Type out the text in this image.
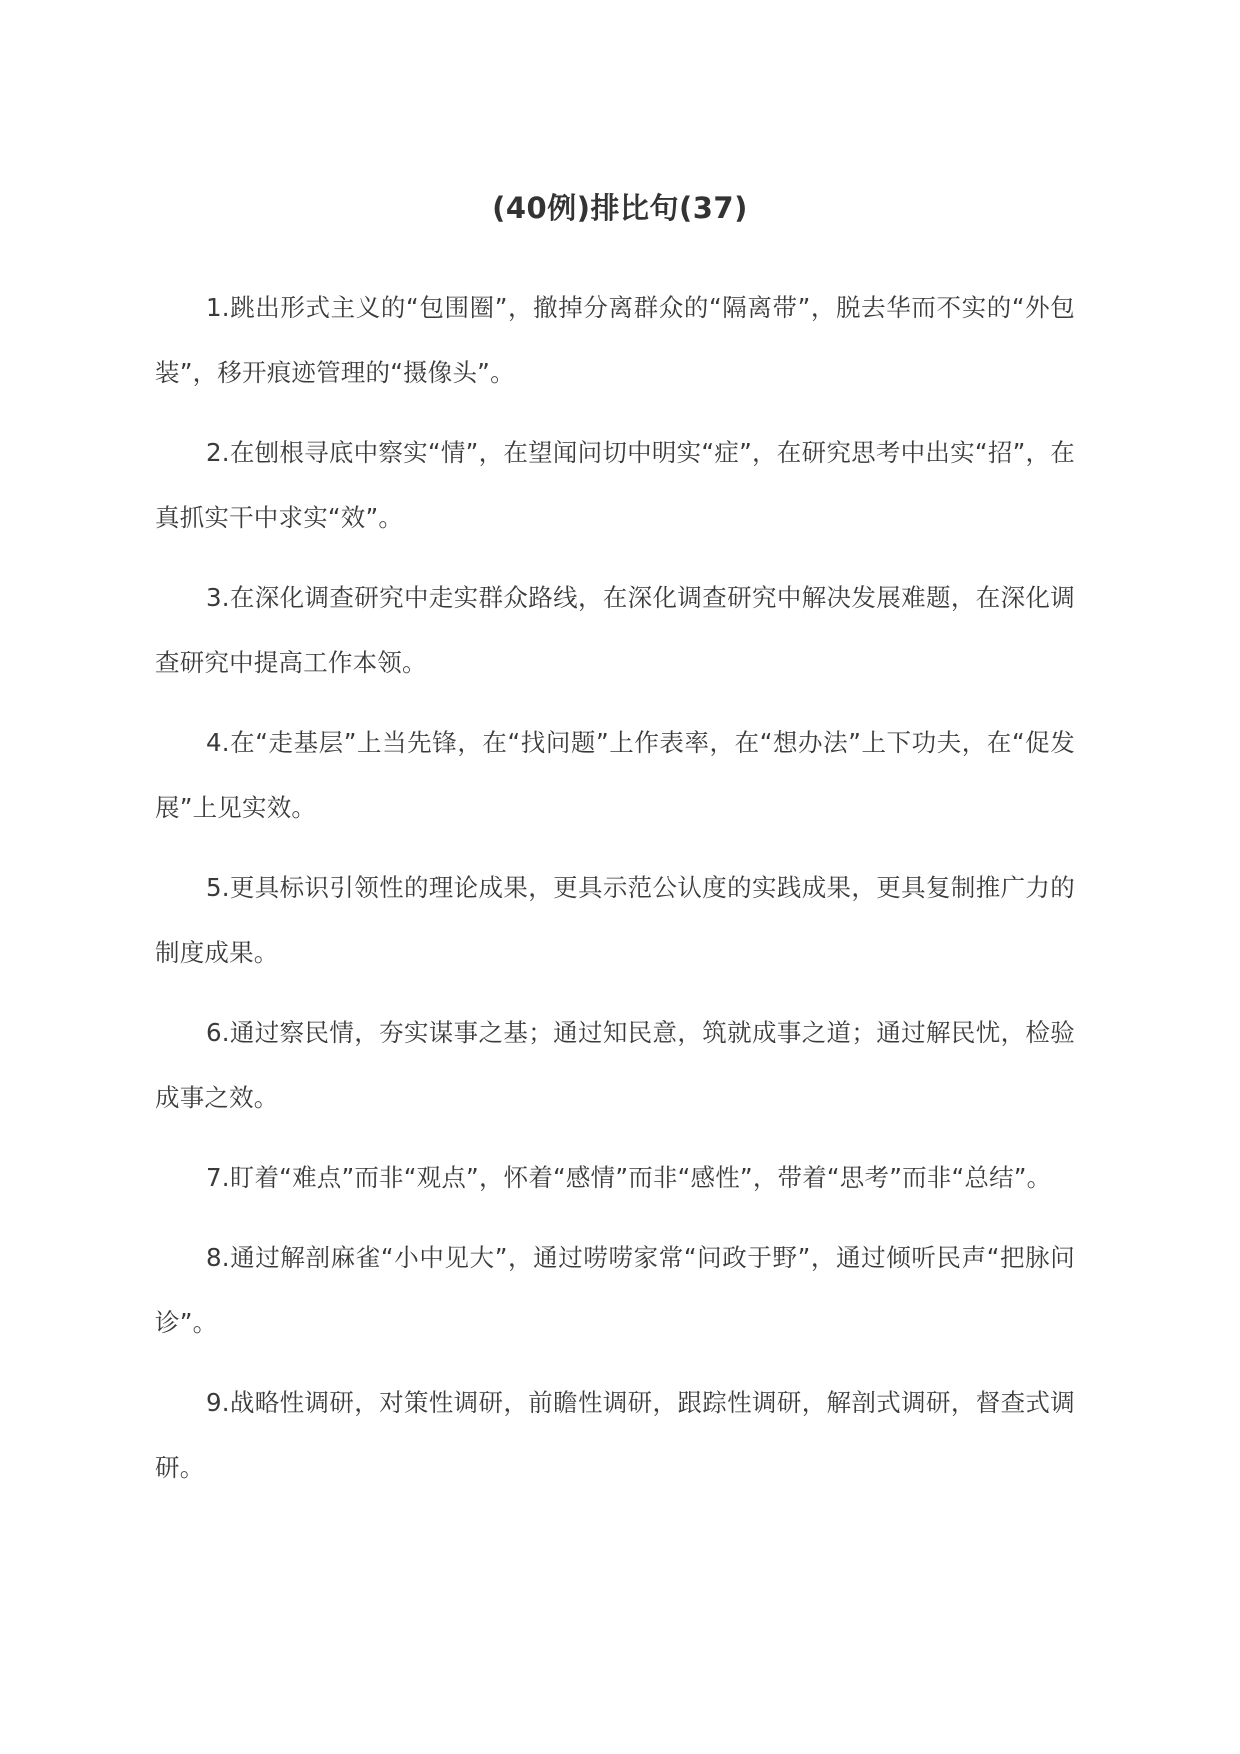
(40例)排比句(37)

1.跳出形式主义的“包围圈”，撤掉分离群众的“隔离带”，脱去华而不实的“外包装”，移开痕迹管理的“摄像头”。

2.在刨根寻底中察实“情”，在望闻问切中明实“症”，在研究思考中出实“招”，在真抓实干中求实“效”。

3.在深化调查研究中走实群众路线，在深化调查研究中解决发展难题，在深化调查研究中提高工作本领。

4.在“走基层”上当先锋，在“找问题”上作表率，在“想办法”上下功夫，在“促发展”上见实效。

5.更具标识引领性的理论成果，更具示范公认度的实践成果，更具复制推广力的制度成果。

6.通过察民情，夯实谋事之基；通过知民意，筑就成事之道；通过解民忧，检验成事之效。

7.盯着“难点”而非“观点”，怀着“感情”而非“感性”，带着“思考”而非“总结”。

8.通过解剖麻雀“小中见大”，通过唠唠家常“问政于野”，通过倾听民声“把脉问诊”。

9.战略性调研，对策性调研，前瞻性调研，跟踪性调研，解剖式调研，督查式调研。
